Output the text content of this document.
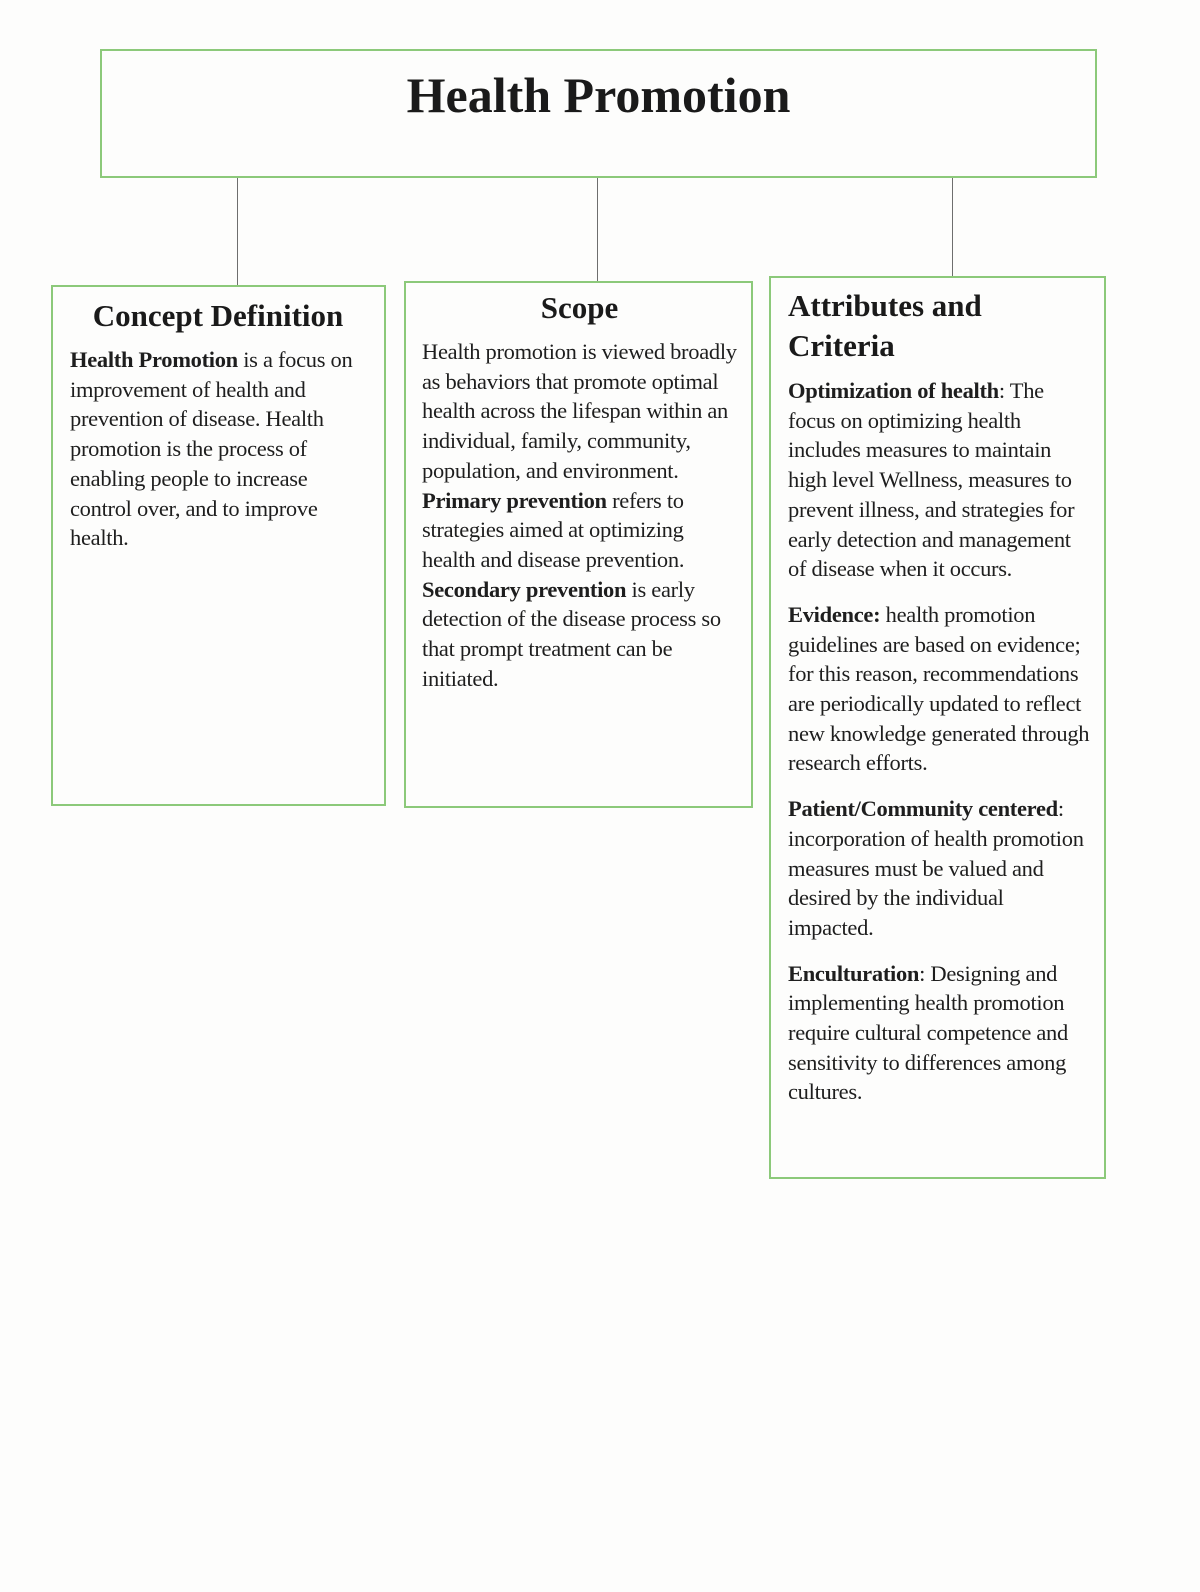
Health Promotion
Concept Definition

Health Promotion is a focus on improvement of health and prevention of disease. Health promotion is the process of enabling people to increase control over, and to improve health.

Scope

Health promotion is viewed broadly as behaviors that promote optimal health across the lifespan within an individual, family, community, population, and environment. Primary prevention refers to strategies aimed at optimizing health and disease prevention. Secondary prevention is early detection of the disease process so that prompt treatment can be initiated.

Attributes and Criteria

Optimization of health: The focus on optimizing health includes measures to maintain high level Wellness, measures to prevent illness, and strategies for early detection and management of disease when it occurs.

Evidence: health promotion guidelines are based on evidence; for this reason, recommendations are periodically updated to reflect new knowledge generated through research efforts.

Patient/Community centered: incorporation of health promotion measures must be valued and desired by the individual impacted.

Enculturation: Designing and implementing health promotion require cultural competence and sensitivity to differences among cultures.
